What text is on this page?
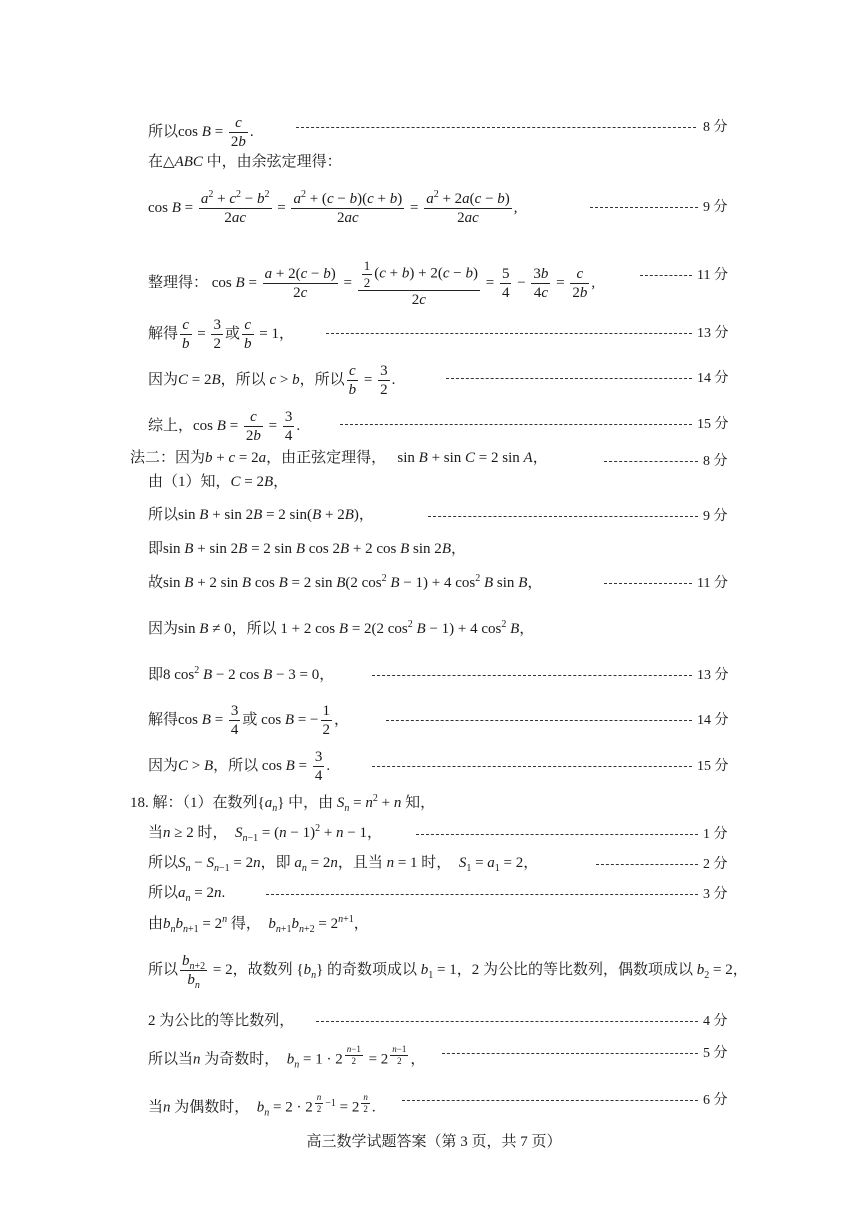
所以$\cos B = \frac{c}{2b}$ .	8 分
在△ABC 中，由余弦定理得：
$\cos B = \frac{a^2 + c^2 - b^2}{2ac} = \frac{a^2 + (c - b)(c + b)}{2ac} = \frac{a^2 + 2a(c - b)}{2ac}$ ,	9 分
整理得： $\cos B = \frac{a + 2(c - b)}{2c} = \frac{\frac{1}{2} (c + b) + 2(c - b)}{2c} = \frac{5}{4} - \frac{3b}{4c} = \frac{c}{2b}$ ,	11 分
解得 $\frac{c}{b} = \frac{3}{2}$ 或 $\frac{c}{b} = 1$，	13 分
因为C = 2B，所以 c > b，所以 $\frac{c}{b} = \frac{3}{2}$ .	14 分
综上，$\cos B = \frac{c}{2b} = \frac{3}{4}$ .	15 分
法二：因为b + c = 2a，由正弦定理得，   sin B + sin C = 2 sin A，	8 分
由（1）知，C = 2B，
所以sin B + sin 2B = 2 sin(B + 2B)，	9 分
即sin B + sin 2B = 2 sin B cos 2B + 2 cos B sin 2B，
故sin B + 2 sin B cos B = 2 sin B(2 $\cos^2 B - 1) + 4$ $\cos^2 B$ sin B，	11 分
因为sin B ≠ 0，所以 1 + 2 cos B = 2(2 $\cos^2 B - 1) + 4$ $\cos^2 B$，
即8 $\cos^2 B - 2$ cos B − 3 = 0，	13 分
解得$\cos B = \frac{3}{4}$ 或 cos B = − $\frac{1}{2}$ ，	14 分
因为C > B，所以 $\cos B = \frac{3}{4}$ .	15 分
18. 解：（1）在数列$\{a_n\}$ 中，由 $S_n = n^2 + n$ 知，
当n ≥ 2 时，  $S_{n-1} = (n - 1)^2 + n - 1$，	1 分
所以$S_n - S_{n-1} = 2n$，即 $a_n = 2n$，且当 n = 1 时，  $S_1 = a_1 = 2$，	2 分
所以$a_n = 2n$.	3 分
由$b_nb_{n+1} = 2^n$ 得，  $b_{n+1}b_{n+2} = 2^{n+1}$，
所以 $\frac{b_{n+2}}{b_n} = 2$，故数列 $\{b_n\}$ 的奇数项成以 $b_1 = 1$，2 为公比的等比数列，偶数项成以 $b_2 = 2$，
2 为公比的等比数列，	4 分
所以当n 为奇数时，  $b_n = 1 \cdot 2$ $^{\frac{n-1}{2}}$ = 2 $^{\frac{n-1}{2}}$ ，	5 分
当n 为偶数时，  $b_n = 2 \cdot 2$ $^{\frac{n}{2} -1}$ = 2 $^{\frac{n}{2}}$ .	6 分
高三数学试题答案（第 3 页，共 7 页）
